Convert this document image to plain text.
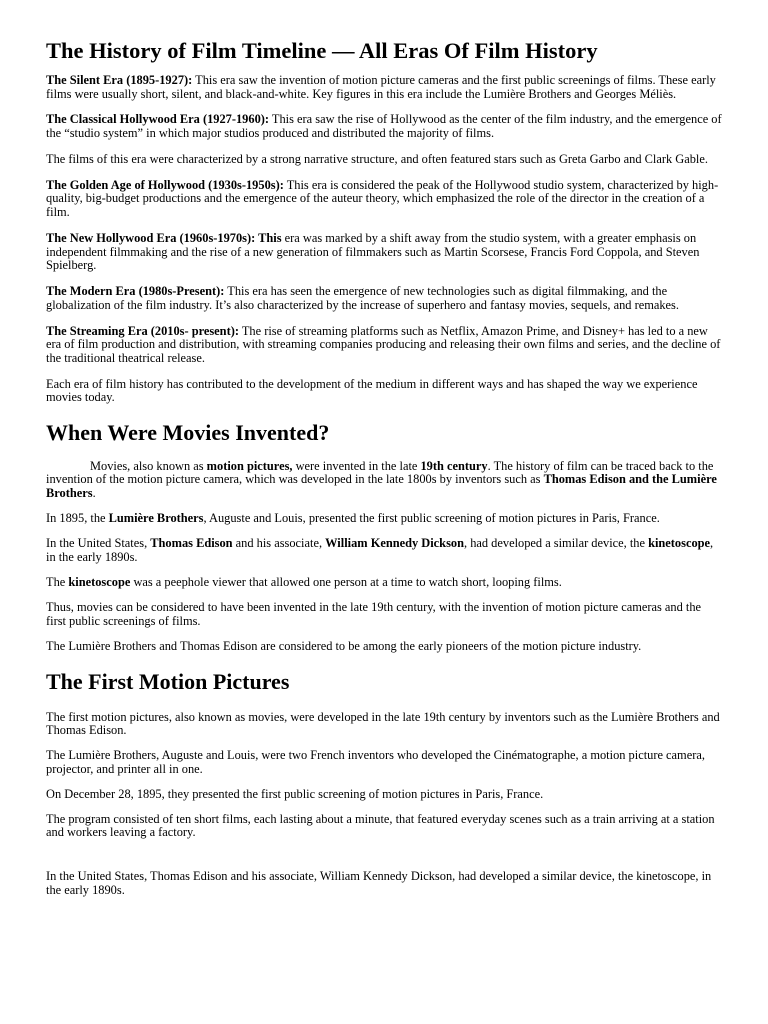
The History of Film Timeline — All Eras Of Film History

The Silent Era (1895-1927): This era saw the invention of motion picture cameras and the first public screenings of films. These early films were usually short, silent, and black-and-white. Key figures in this era include the Lumière Brothers and Georges Méliès.

The Classical Hollywood Era (1927-1960): This era saw the rise of Hollywood as the center of the film industry, and the emergence of the “studio system” in which major studios produced and distributed the majority of films.

The films of this era were characterized by a strong narrative structure, and often featured stars such as Greta Garbo and Clark Gable.

The Golden Age of Hollywood (1930s-1950s): This era is considered the peak of the Hollywood studio system, characterized by high-quality, big-budget productions and the emergence of the auteur theory, which emphasized the role of the director in the creation of a film.

The New Hollywood Era (1960s-1970s): This era was marked by a shift away from the studio system, with a greater emphasis on independent filmmaking and the rise of a new generation of filmmakers such as Martin Scorsese, Francis Ford Coppola, and Steven Spielberg.

The Modern Era (1980s-Present): This era has seen the emergence of new technologies such as digital filmmaking, and the globalization of the film industry. It’s also characterized by the increase of superhero and fantasy movies, sequels, and remakes.

The Streaming Era (2010s- present): The rise of streaming platforms such as Netflix, Amazon Prime, and Disney+ has led to a new era of film production and distribution, with streaming companies producing and releasing their own films and series, and the decline of the traditional theatrical release.

Each era of film history has contributed to the development of the medium in different ways and has shaped the way we experience movies today.

When Were Movies Invented?

Movies, also known as motion pictures, were invented in the late 19th century. The history of film can be traced back to the invention of the motion picture camera, which was developed in the late 1800s by inventors such as Thomas Edison and the Lumière Brothers.

In 1895, the Lumière Brothers, Auguste and Louis, presented the first public screening of motion pictures in Paris, France.

In the United States, Thomas Edison and his associate, William Kennedy Dickson, had developed a similar device, the kinetoscope, in the early 1890s.

The kinetoscope was a peephole viewer that allowed one person at a time to watch short, looping films.

Thus, movies can be considered to have been invented in the late 19th century, with the invention of motion picture cameras and the first public screenings of films.

The Lumière Brothers and Thomas Edison are considered to be among the early pioneers of the motion picture industry.

The First Motion Pictures

The first motion pictures, also known as movies, were developed in the late 19th century by inventors such as the Lumière Brothers and Thomas Edison.

The Lumière Brothers, Auguste and Louis, were two French inventors who developed the Cinématographe, a motion picture camera, projector, and printer all in one.

On December 28, 1895, they presented the first public screening of motion pictures in Paris, France.

The program consisted of ten short films, each lasting about a minute, that featured everyday scenes such as a train arriving at a station and workers leaving a factory.

In the United States, Thomas Edison and his associate, William Kennedy Dickson, had developed a similar device, the kinetoscope, in the early 1890s.
